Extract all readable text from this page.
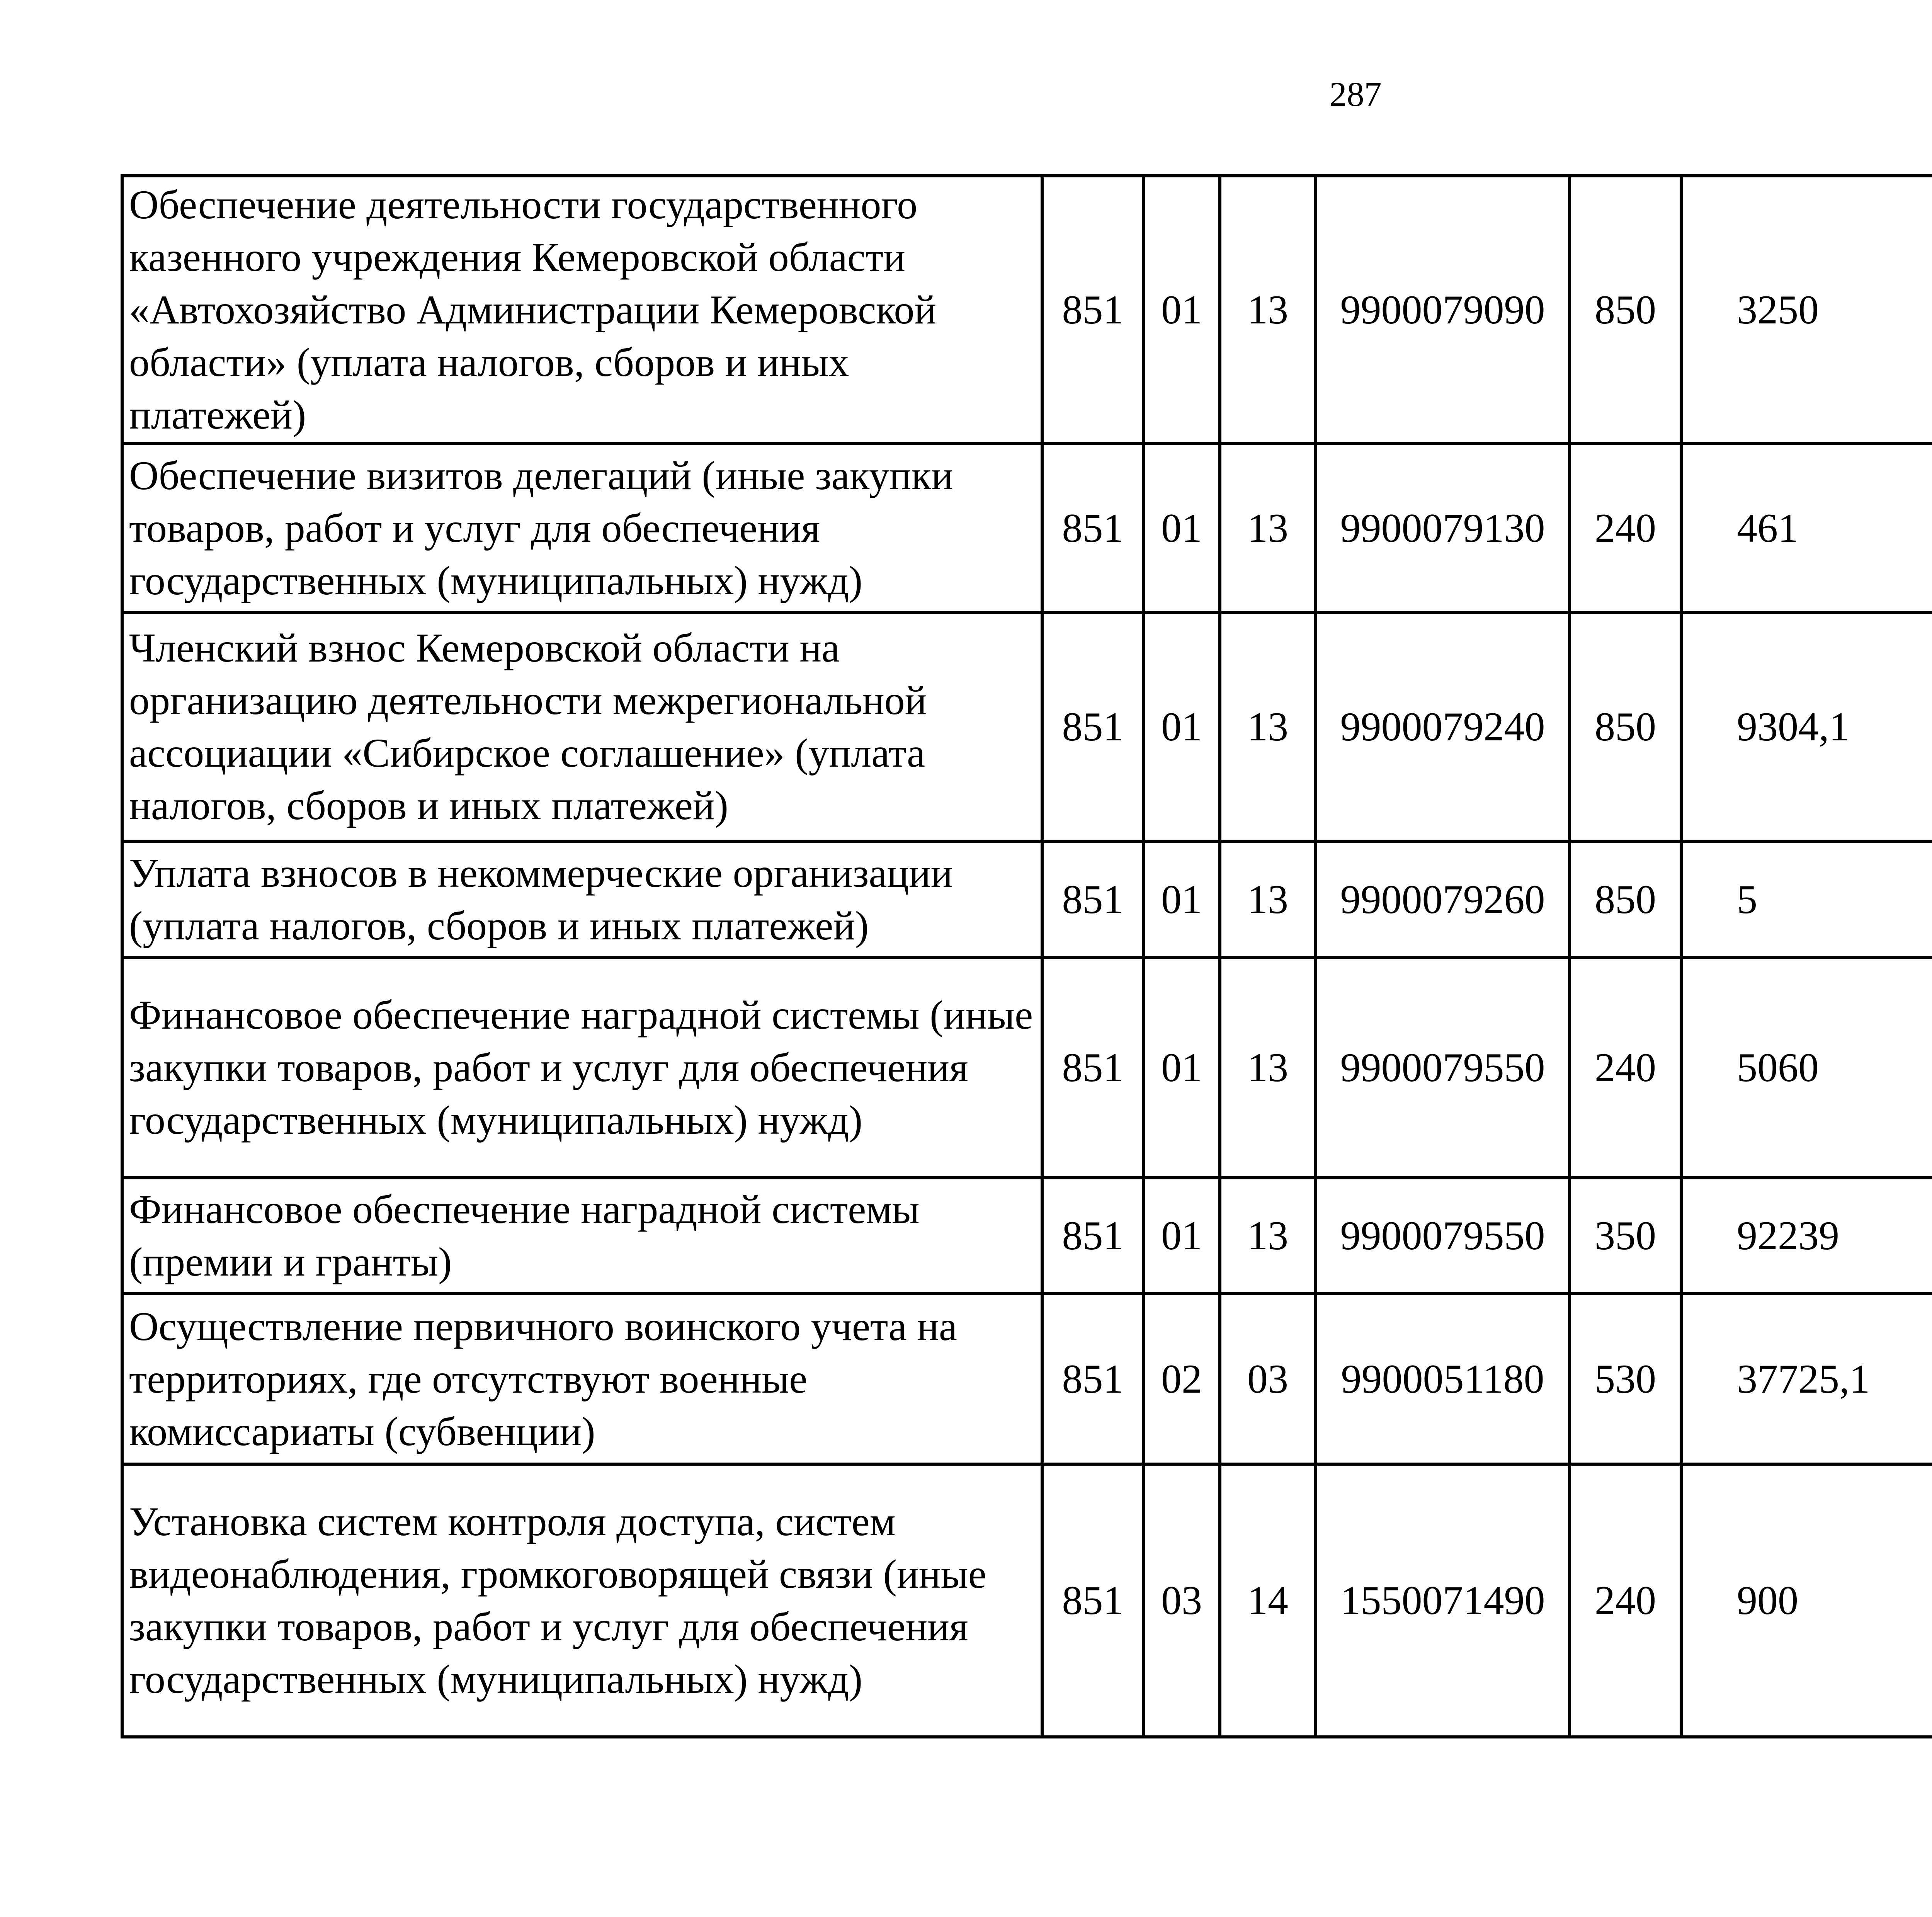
287
Обеспечение деятельности государственного казенного учреждения Кемеровской области «Автохозяйство Администрации Кемеровской области» (уплата налогов, сборов и иных платежей)	851	01	13	9900079090	850	3250		
Обеспечение визитов делегаций (иные закупки товаров, работ и услуг для обеспечения государственных (муниципальных) нужд)	851	01	13	9900079130	240	461		
Членский взнос Кемеровской области на организацию деятельности межрегиональной ассоциации «Сибирское соглашение» (уплата налогов, сборов и иных платежей)	851	01	13	9900079240	850	9304,1		
Уплата взносов в некоммерческие организации (уплата налогов, сборов и иных платежей)	851	01	13	9900079260	850	5		
Финансовое обеспечение наградной системы (иные закупки товаров, работ и услуг для обеспечения государственных (муниципальных) нужд)	851	01	13	9900079550	240	5060		
Финансовое обеспечение наградной системы (премии и гранты)	851	01	13	9900079550	350	92239		
Осуществление первичного воинского учета на территориях, где отсутствуют военные комиссариаты (субвенции)	851	02	03	9900051180	530	37725,1		
Установка систем контроля доступа, систем видеонаблюдения, громкоговорящей связи (иные закупки товаров, работ и услуг для обеспечения государственных (муниципальных) нужд)	851	03	14	1550071490	240	900		
